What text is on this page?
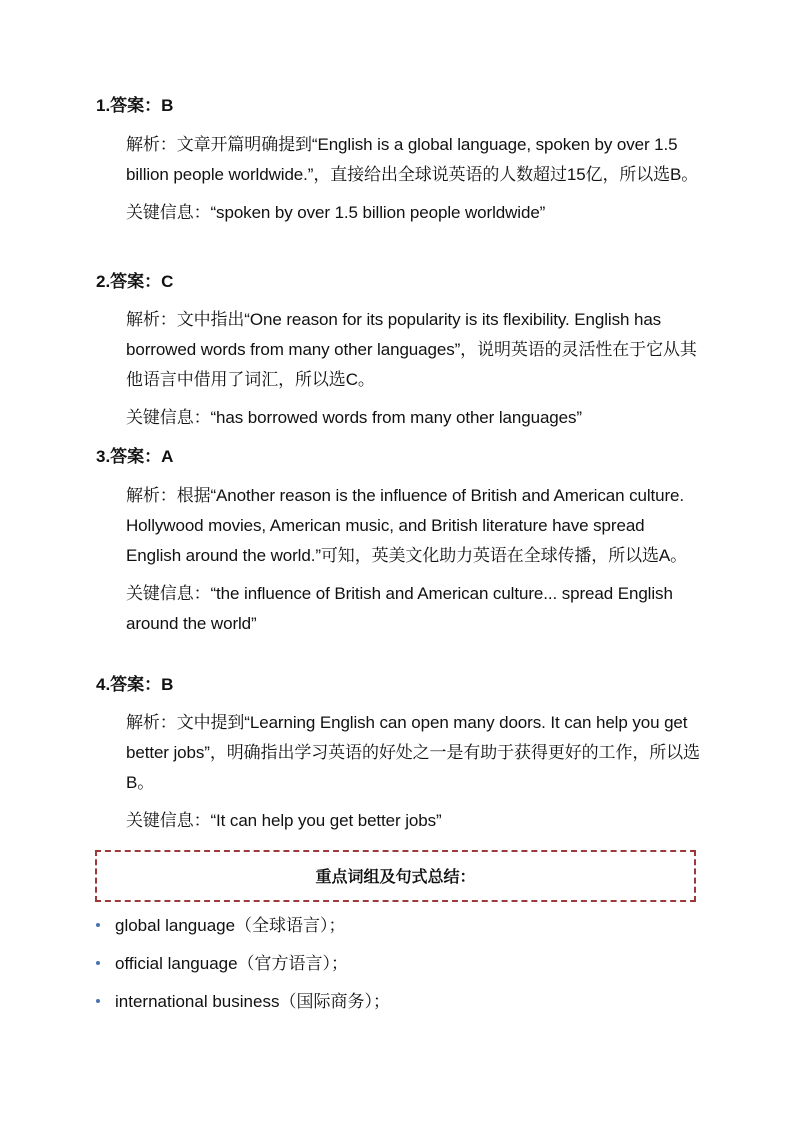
1.答案：B

解析：文章开篇明确提到“English is a global language, spoken by over 1.5 billion people worldwide.”，直接给出全球说英语的人数超过15亿，所以选B。

关键信息：“spoken by over 1.5 billion people worldwide”

2.答案：C

解析：文中指出“One reason for its popularity is its flexibility. English has borrowed words from many other languages”，说明英语的灵活性在于它从其他语言中借用了词汇，所以选C。

关键信息：“has borrowed words from many other languages”

3.答案：A

解析：根据“Another reason is the influence of British and American culture. Hollywood movies, American music, and British literature have spread English around the world.”可知，英美文化助力英语在全球传播，所以选A。

关键信息：“the influence of British and American culture... spread English around the world”

4.答案：B

解析：文中提到“Learning English can open many doors. It can help you get better jobs”，明确指出学习英语的好处之一是有助于获得更好的工作，所以选B。

关键信息：“It can help you get better jobs”

重点词组及句式总结：
global language（全球语言）；
official language（官方语言）；
international business（国际商务）；
